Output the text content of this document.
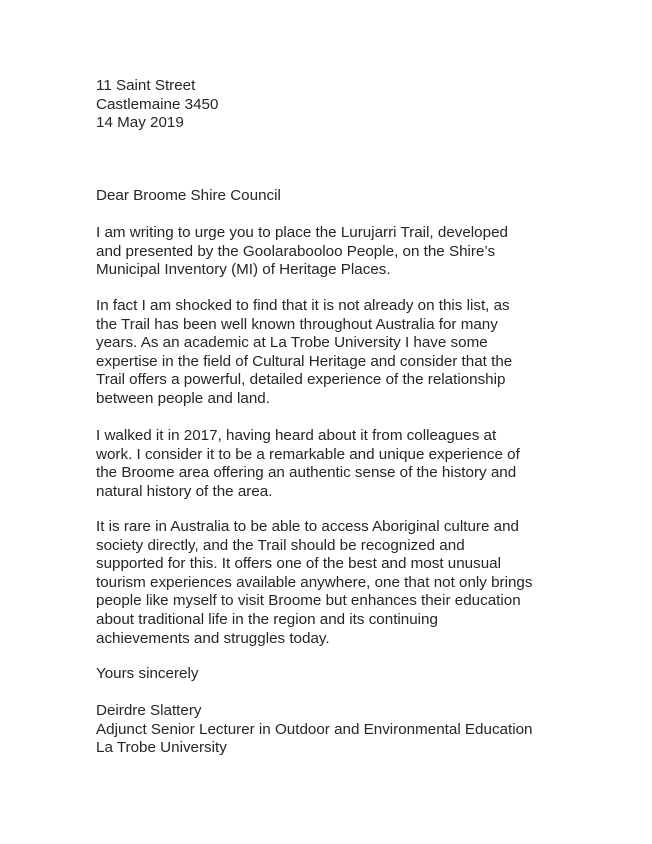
11 Saint Street
Castlemaine 3450
14 May 2019
Dear Broome Shire Council
I am writing to urge you to place the Lurujarri Trail, developed
and presented by the Goolarabooloo People, on the Shire’s
Municipal Inventory (MI) of Heritage Places.
In fact I am shocked to find that it is not already on this list, as
the Trail has been well known throughout Australia for many
years. As an academic at La Trobe University I have some
expertise in the field of Cultural Heritage and consider that the
Trail offers a powerful, detailed experience of the relationship
between people and land.
I walked it in 2017, having heard about it from colleagues at
work. I consider it to be a remarkable and unique experience of
the Broome area offering an authentic sense of the history and
natural history of the area.
It is rare in Australia to be able to access Aboriginal culture and
society directly, and the Trail should be recognized and
supported for this. It offers one of the best and most unusual
tourism experiences available anywhere, one that not only brings
people like myself to visit Broome but enhances their education
about traditional life in the region and its continuing
achievements and struggles today.
Yours sincerely
Deirdre Slattery
Adjunct Senior Lecturer in Outdoor and Environmental Education
La Trobe University
